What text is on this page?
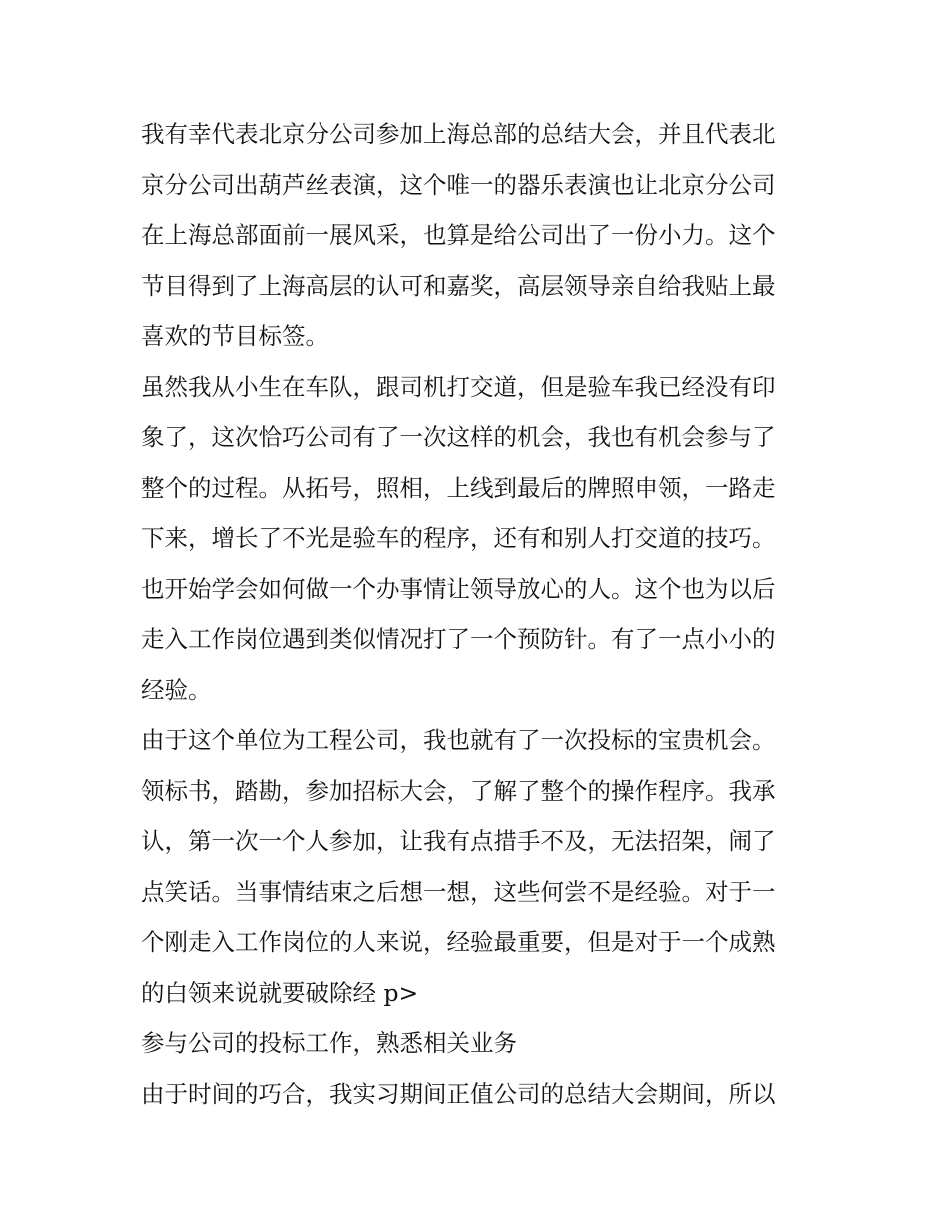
我有幸代表北京分公司参加上海总部的总结大会，并且代表北
京分公司出葫芦丝表演，这个唯一的器乐表演也让北京分公司
在上海总部面前一展风采，也算是给公司出了一份小力。这个
节目得到了上海高层的认可和嘉奖，高层领导亲自给我贴上最
喜欢的节目标签。
虽然我从小生在车队，跟司机打交道，但是验车我已经没有印
象了，这次恰巧公司有了一次这样的机会，我也有机会参与了
整个的过程。从拓号，照相，上线到最后的牌照申领，一路走
下来，增长了不光是验车的程序，还有和别人打交道的技巧。
也开始学会如何做一个办事情让领导放心的人。这个也为以后
走入工作岗位遇到类似情况打了一个预防针。有了一点小小的
经验。
由于这个单位为工程公司，我也就有了一次投标的宝贵机会。
领标书，踏勘，参加招标大会，了解了整个的操作程序。我承
认，第一次一个人参加，让我有点措手不及，无法招架，闹了
点笑话。当事情结束之后想一想，这些何尝不是经验。对于一
个刚走入工作岗位的人来说，经验最重要，但是对于一个成熟
的白领来说就要破除经 p>
参与公司的投标工作，熟悉相关业务
由于时间的巧合，我实习期间正值公司的总结大会期间，所以
